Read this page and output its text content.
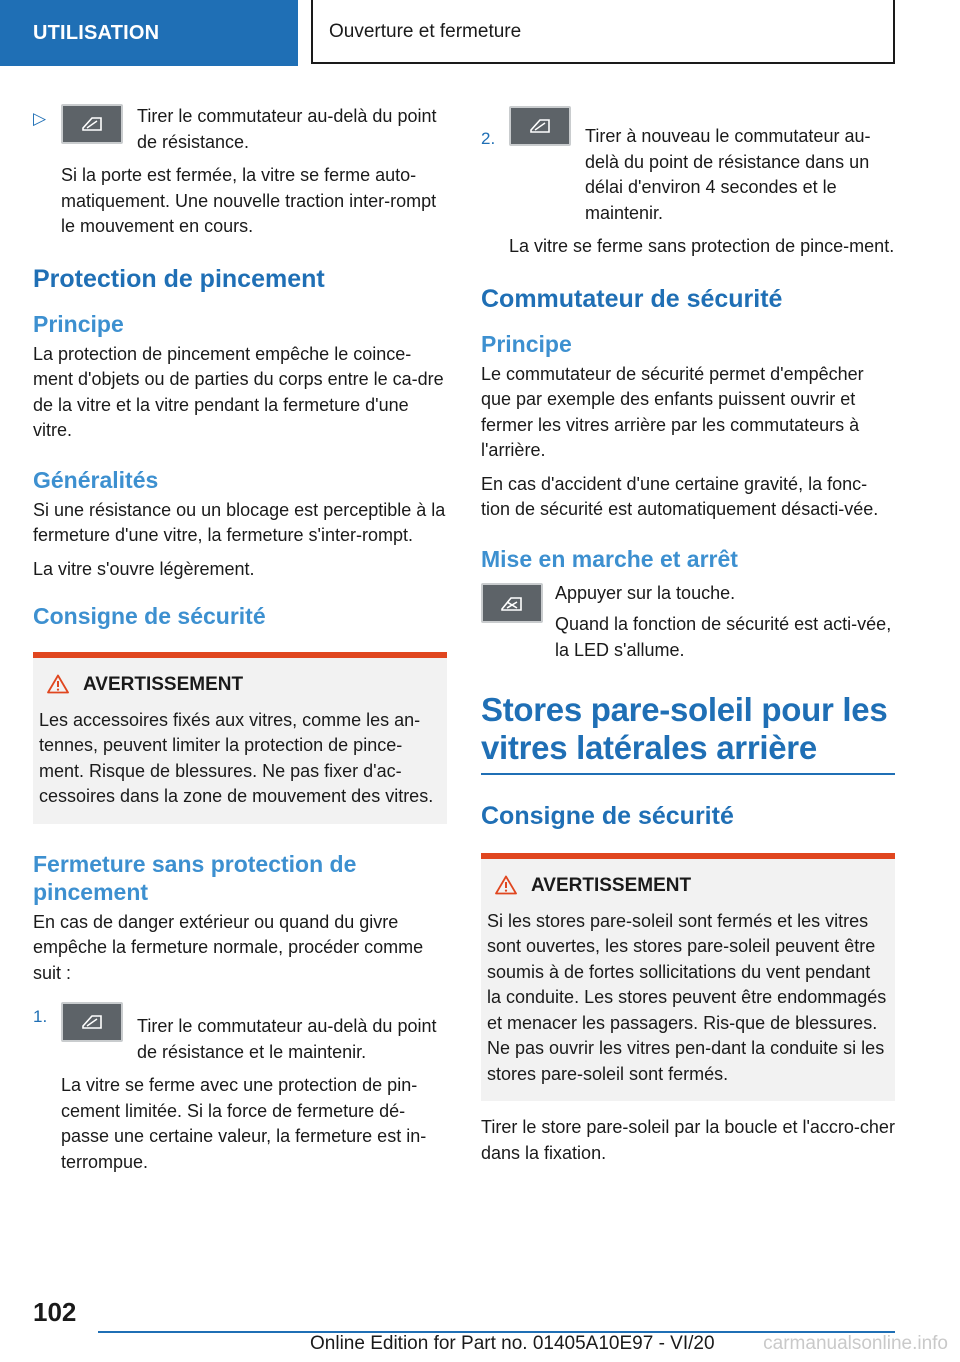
UTILISATION	Ouverture et fermeture
▷	Tirer le commutateur au-delà du point de résistance.

Si la porte est fermée, la vitre se ferme auto‐matiquement. Une nouvelle traction inter‐rompt le mouvement en cours.

Protection de pincement
Principe

La protection de pincement empêche le coince‐ment d'objets ou de parties du corps entre le ca‐dre de la vitre et la vitre pendant la fermeture d'une vitre.

Généralités

Si une résistance ou un blocage est perceptible à la fermeture d'une vitre, la fermeture s'inter‐rompt.

La vitre s'ouvre légèrement.

Consigne de sécurité
AVERTISSEMENT

Les accessoires fixés aux vitres, comme les an‐tennes, peuvent limiter la protection de pince‐ment. Risque de blessures. Ne pas fixer d'ac‐cessoires dans la zone de mouvement des vitres.

Fermeture sans protection de pincement

En cas de danger extérieur ou quand du givre empêche la fermeture normale, procéder comme suit :

1.	Tirer le commutateur au-delà du point de résistance et le maintenir.

La vitre se ferme avec une protection de pin‐cement limitée. Si la force de fermeture dé‐passe une certaine valeur, la fermeture est in‐terrompue.

2.	Tirer à nouveau le commutateur au-delà du point de résistance dans un délai d'environ 4 secondes et le maintenir.

La vitre se ferme sans protection de pince‐ment.

Commutateur de sécurité
Principe

Le commutateur de sécurité permet d'empêcher que par exemple des enfants puissent ouvrir et fermer les vitres arrière par les commutateurs à l'arrière.

En cas d'accident d'une certaine gravité, la fonc‐tion de sécurité est automatiquement désacti‐vée.

Mise en marche et arrêt

Appuyer sur la touche.

Quand la fonction de sécurité est acti‐vée, la LED s'allume.

Stores pare-soleil pour les vitres latérales arrière
Consigne de sécurité
AVERTISSEMENT

Si les stores pare-soleil sont fermés et les vitres sont ouvertes, les stores pare-soleil peuvent être soumis à de fortes sollicitations du vent pendant la conduite. Les stores peuvent être endommagés et menacer les passagers. Ris‐que de blessures. Ne pas ouvrir les vitres pen‐dant la conduite si les stores pare-soleil sont fermés.

Tirer le store pare-soleil par la boucle et l'accro‐cher dans la fixation.

102
Online Edition for Part no. 01405A10E97 - VI/20	carmanualsonline.info
